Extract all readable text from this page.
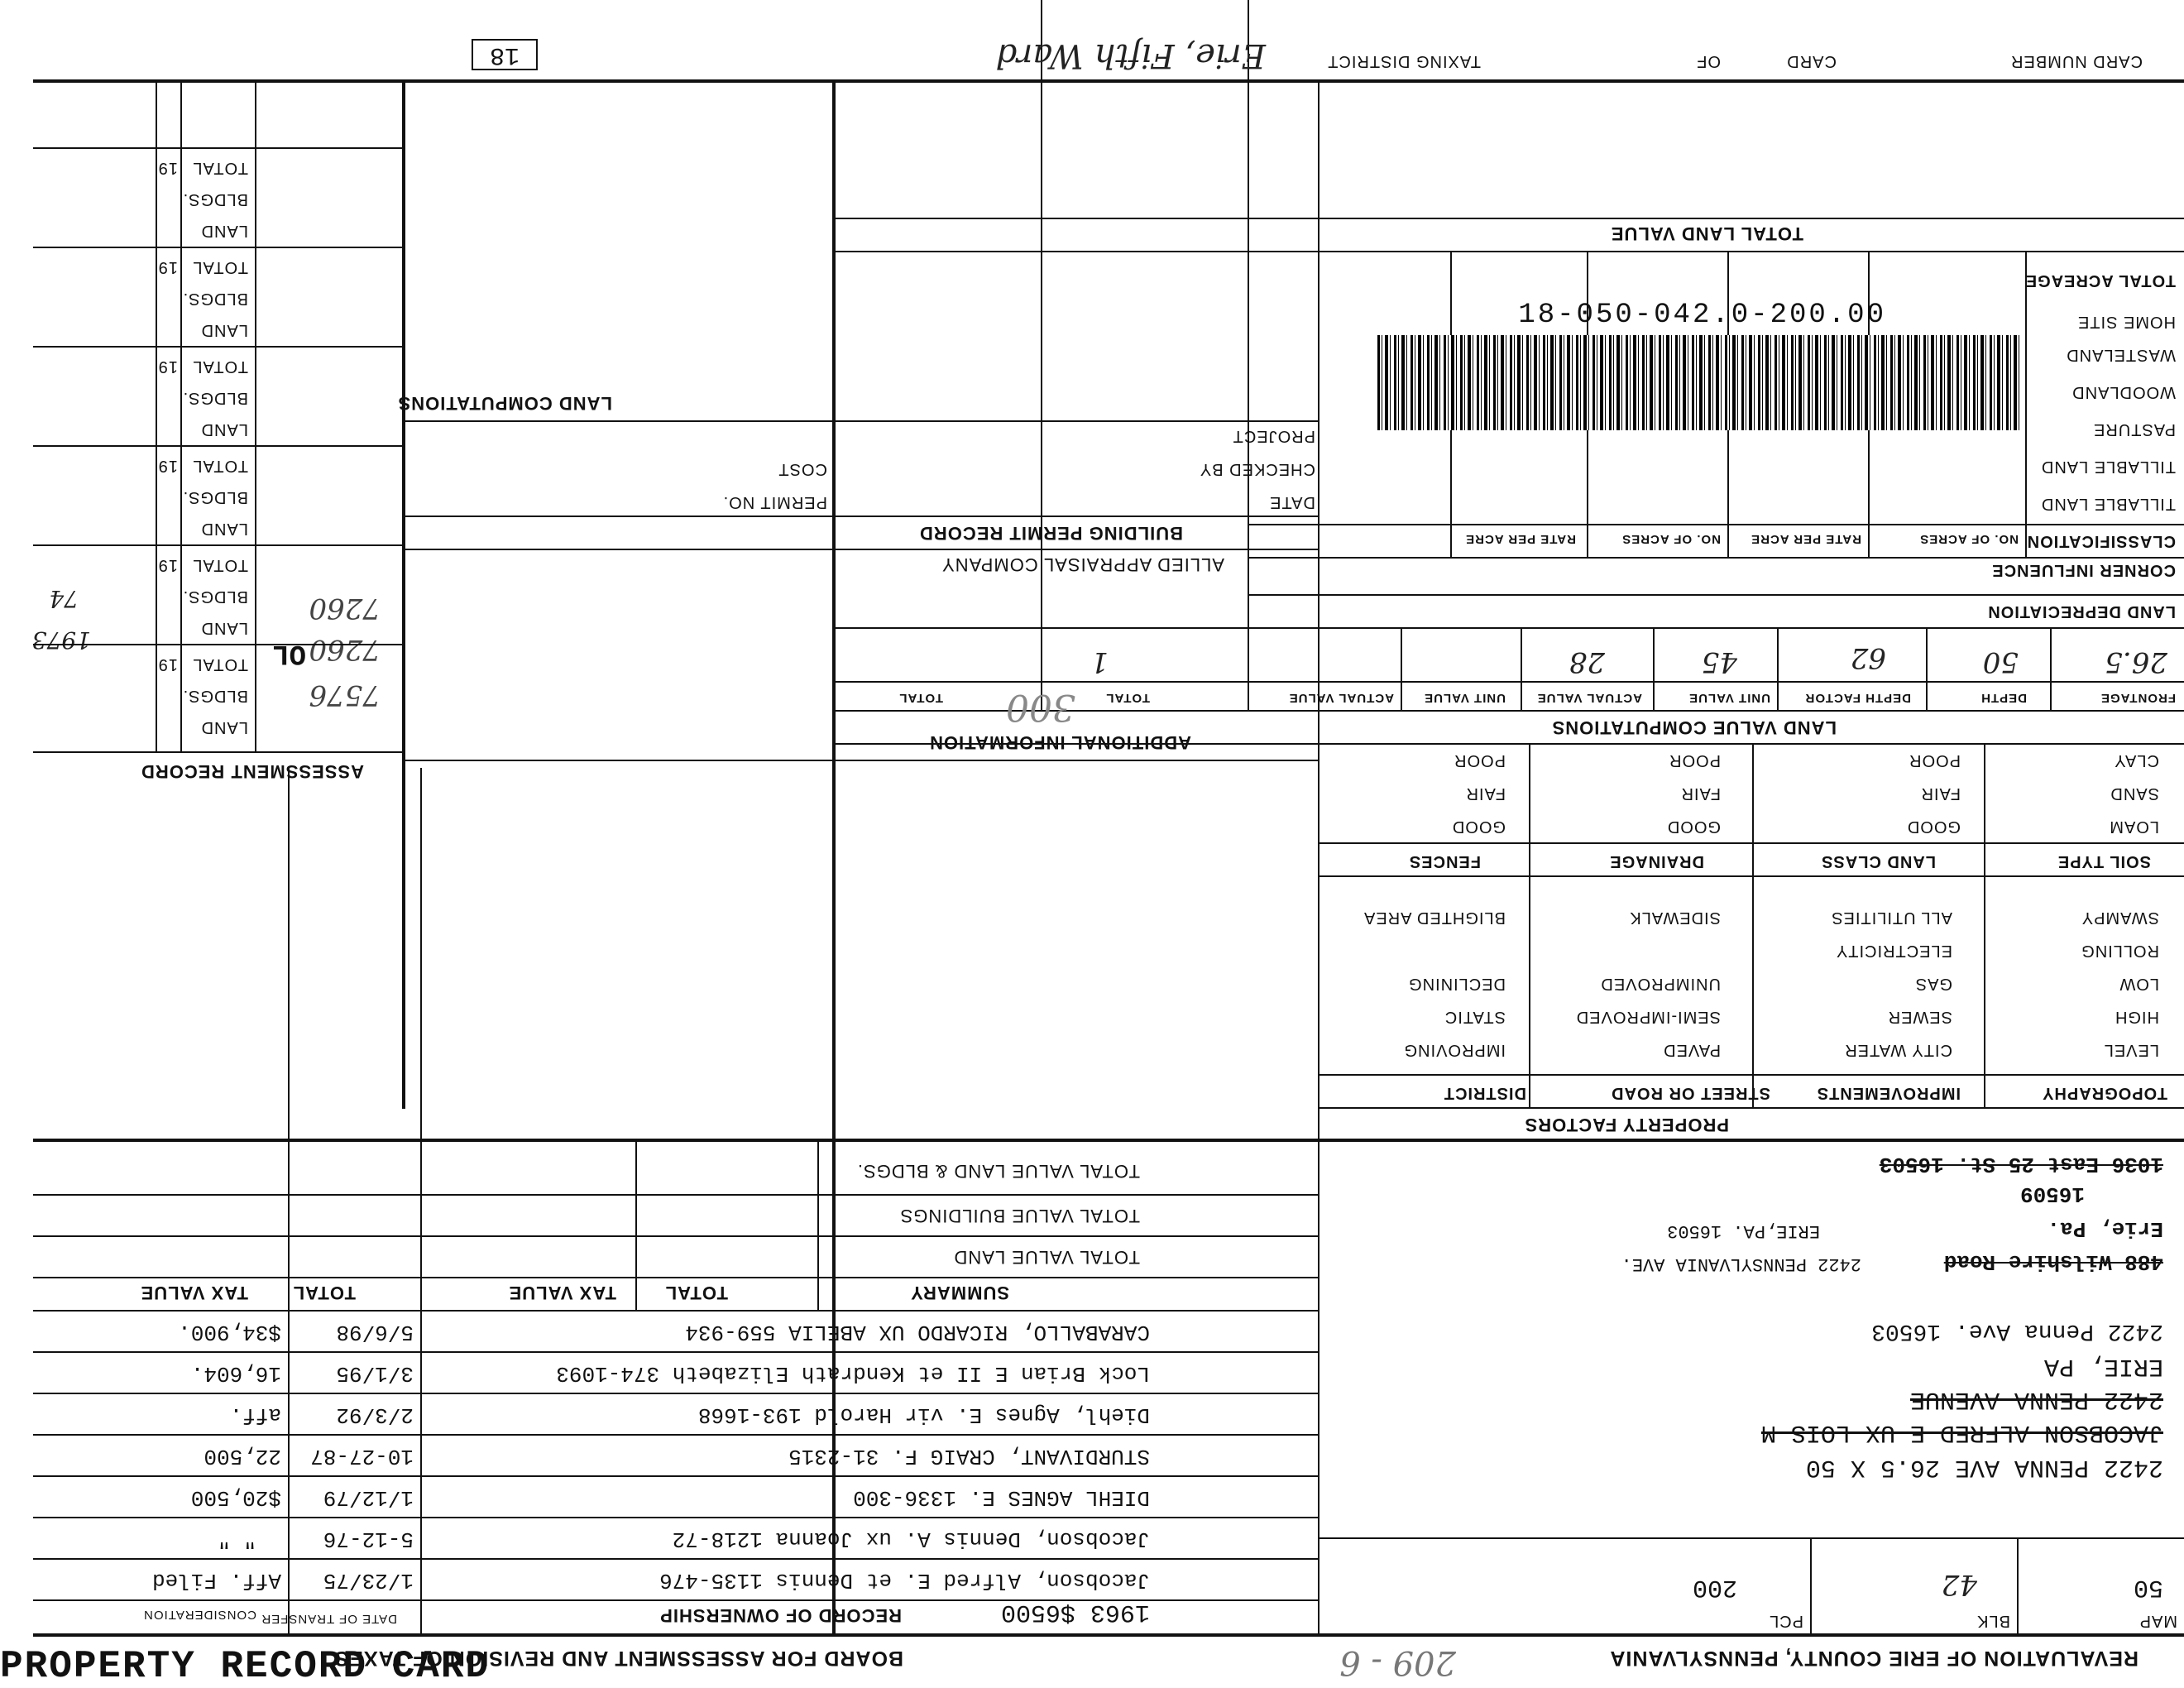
REVALUATION OF ERIE COUNTY, PENNSYLVANIA
BOARD FOR ASSESSMENT AND REVISION OF TAXES	209 - 6
MAP
50
BLK
42
PCL
200
2422 PENNA AVE 26.5 X 50
JACOBSON ALFRED E UX LOIS M
2422 PENNA AVENUE
ERIE, PA
2422 Penna Ave. 16503
488 Wilshire Road
2422 PENNSYLVANIA AVE.
Erie, Pa.
ERIE,PA. 16503
16509
1036 East 25 St. 16503
PROPERTY FACTORS
TOPOGRAPHY
IMPROVEMENTS
STREET OR ROAD
DISTRICT
LEVEL
HIGH
LOW
ROLLING
SWAMPY
CITY WATER
SEWER
GAS
ELECTRICITY
ALL UTILITIES
PAVED
SEMI-IMPROVED
UNIMPROVED
SIDEWALK
IMPROVING
STATIC
DECLINING
BLIGHTED AREA
SOIL TYPE
LAND CLASS
DRAINAGE
FENCES
LOAM
SAND
CLAY
GOOD
FAIR
POOR
GOOD
FAIR
POOR
GOOD
FAIR
POOR
LAND VALUE COMPUTATIONS
FRONTAGE
DEPTH
DEPTH FACTOR
UNIT VALUE
ACTUAL VALUE
UNIT VALUE
ACTUAL VALUE
TOTAL
TOTAL
26.5
50
62
45
28
1
LAND DEPRECIATION
CORNER INFLUENCE
CLASSIFICATION
NO. OF ACRES
RATE PER ACRE
NO. OF ACRES
RATE PER ACRE
TILLABLE LAND
TILLABLE LAND
PASTURE
WOODLAND
WASTELAND
HOME SITE
TOTAL ACREAGE
18-050-042.0-200.00
TOTAL LAND VALUE
PROPERTY RECORD CARD
ADDITIONAL INFORMATION
ALLIED APPRAISAL COMPANY
300
BUILDING PERMIT RECORD
DATE
CHECKED BY
PROJECT
PERMIT NO.
COST
LAND COMPUTATIONS
ASSESSMENT RECORD
7576
7260
7260
OL
1973
74
LAND
BLDGS.
TOTAL
19
LAND
BLDGS.
TOTAL
19
LAND
BLDGS.
TOTAL
19
LAND
BLDGS.
TOTAL
19
LAND
BLDGS.
TOTAL
19
LAND
BLDGS.
TOTAL
19
RECORD OF OWNERSHIP	1963 $6500
DATE OF TRANSFER
CONSIDERATION
Jacobson, Alfred E. et Dennis 1135-476
1/23/75
Aff. Filed
Jacobson, Dennis A. ux Joanna 1218-72
5-12-76
" "
DIEHL AGNES E. 1336-300
1/12/79
$20,500
STURDIVANT, CRAIG F. 31-2315
10-27-87
22,500
Diehl, Agnes E. vir Harold 193-1668
2/3/92
aff.
Lock Brian E II et Kendrath Elizabeth 374-1093
3/1/95
16,604.
CARABALLO, RICARDO UX ABELIA 559-934
5/6/98
$34,900.
SUMMARY
TOTAL
TAX VALUE
TOTAL
TAX VALUE
TOTAL VALUE LAND
TOTAL VALUE BUILDINGS
TOTAL VALUE LAND & BLDGS.
CARD NUMBER
CARD
OF
TAXING DISTRICT
Erie, Fifth Ward
18
